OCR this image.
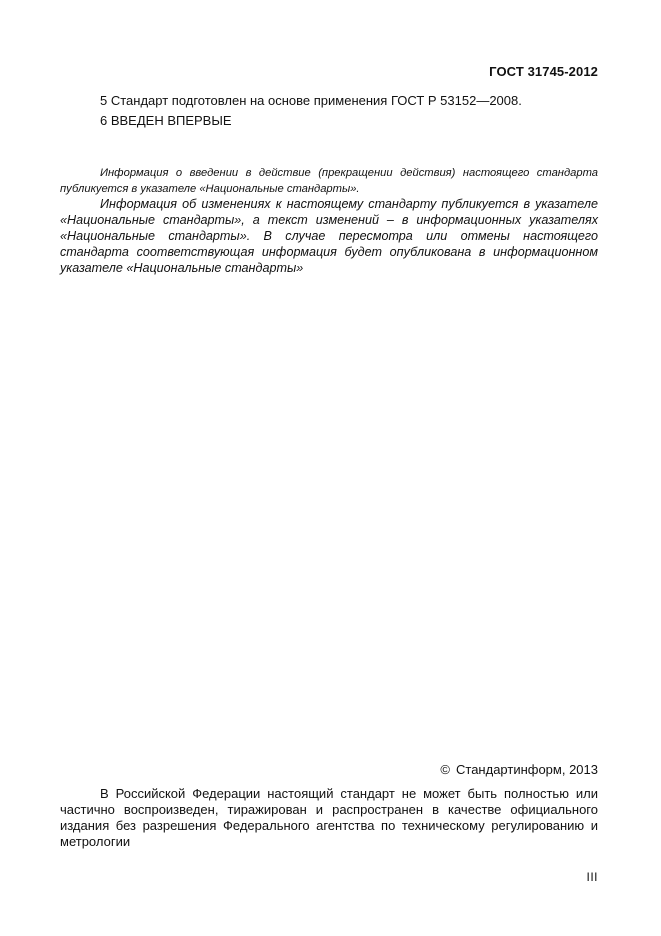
ГОСТ 31745-2012
5 Стандарт подготовлен на основе применения ГОСТ Р 53152—2008.
6 ВВЕДЕН ВПЕРВЫЕ

Информация о введении в действие (прекращении действия) настоящего стандарта публикуется в указателе «Национальные стандарты».

Информация об изменениях к настоящему стандарту публикуется в указателе «Национальные стандарты», а текст изменений – в информационных указателях «Национальные стандарты». В случае пересмотра или отмены настоящего стандарта соответствующая информация будет опубликована в информационном указателе «Национальные стандарты»

© Стандартинформ, 2013

В Российской Федерации настоящий стандарт не может быть полностью или частично воспроизведен, тиражирован и распространен в качестве официального издания без разрешения Федерального агентства по техническому регулированию и метрологии

III
